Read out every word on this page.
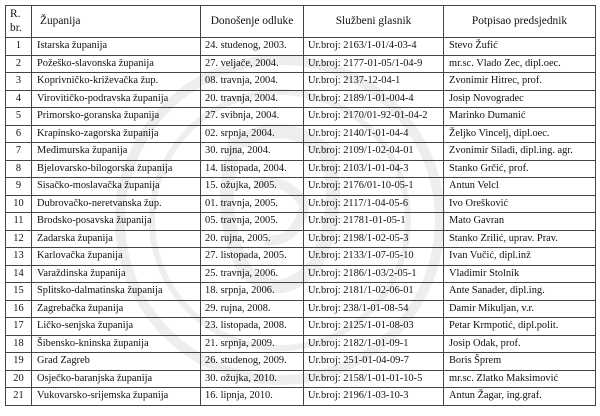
R.
br.	Županija	Donošenje odluke	Službeni glasnik	Potpisao predsjednik
1	Istarska županija	24. studenog, 2003.	Ur.broj: 2163/1-01/4-03-4	Stevo Žufić
2	Požeško-slavonska županija	27. veljače, 2004.	Ur.broj: 2177-01-05/1-04-9	mr.sc. Vlado Zec, dipl.oec.
3	Koprivničko-križevačka žup.	08. travnja, 2004.	Ur.broj: 2137-12-04-1	Zvonimir Hitrec, prof.
4	Virovitičko-podravska županija	20. travnja, 2004.	Ur.broj: 2189/1-01-004-4	Josip Novogradec
5	Primorsko-goranska županija	27. svibnja, 2004.	Ur.broj: 2170/01-92-01-04-2	Marinko Dumanić
6	Krapinsko-zagorska županija	02. srpnja, 2004.	Ur.broj: 2140/1-01-04-4	Željko Vincelj, dipl.oec.
7	Međimurska županija	30. rujna, 2004.	Ur.broj: 2109/1-02-04-01	Zvonimir Siladi, dipl.ing. agr.
8	Bjelovarsko-bilogorska županija	14. listopada, 2004.	Ur.broj: 2103/1-01-04-3	Stanko Grčić, prof.
9	Sisačko-moslavačka županija	15. ožujka, 2005.	Ur.broj: 2176/01-10-05-1	Antun Velcl
10	Dubrovačko-neretvanska žup.	01. travnja, 2005.	Ur.broj: 2117/1-04-05-6	Ivo Orešković
11	Brodsko-posavska županija	05. travnja, 2005.	Ur.broj: 21781-01-05-1	Mato Gavran
12	Zadarska županija	20. rujna, 2005.	Ur.broj: 2198/1-02-05-3	Stanko Zrilić, uprav. Prav.
13	Karlovačka županija	27. listopada, 2005.	Ur.broj: 2133/1-07-05-10	Ivan Vučić, dipl.inž
14	Varaždinska županija	25. travnja, 2006.	Ur.broj: 2186/1-03/2-05-1	Vladimir Stolnik
15	Splitsko-dalmatinska županija	18. srpnja, 2006.	Ur.broj: 2181/1-02-06-01	Ante Sanader, dipl.ing.
16	Zagrebačka županija	29. rujna, 2008.	Ur.broj: 238/1-01-08-54	Damir Mikuljan, v.r.
17	Ličko-senjska županija	23. listopada, 2008.	Ur.broj: 2125/1-01-08-03	Petar Krmpotić, dipl.polit.
18	Šibensko-kninska županija	21. srpnja, 2009.	Ur.broj: 2182/1-01-09-1	Josip Odak, prof.
19	Grad Zagreb	26. studenog, 2009.	Ur.broj: 251-01-04-09-7	Boris Šprem
20	Osječko-baranjska županija	30. ožujka, 2010.	Ur.broj: 2158/1-01-01-10-5	mr.sc. Zlatko Maksimović
21	Vukovarsko-srijemska županija	16. lipnja, 2010.	Ur.broj: 2196/1-03-10-3	Antun Žagar, ing.graf.
